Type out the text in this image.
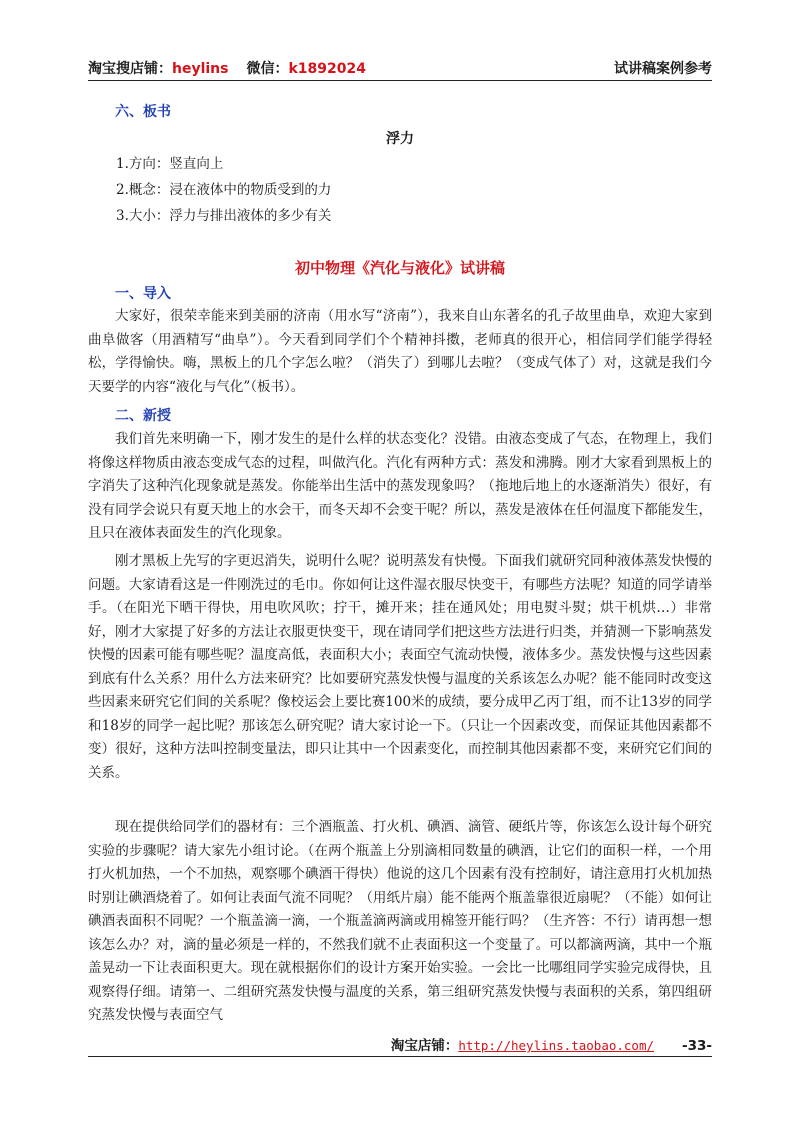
淘宝搜店铺：heylins 微信：k1892024	试讲稿案例参考
六、板书
浮力
1.方向：竖直向上
2.概念：浸在液体中的物质受到的力
3.大小：浮力与排出液体的多少有关
初中物理《汽化与液化》试讲稿
一、导入

大家好，很荣幸能来到美丽的济南（用水写“济南”），我来自山东著名的孔子故里曲阜，欢迎大家到曲阜做客（用酒精写“曲阜”）。今天看到同学们个个精神抖擞，老师真的很开心，相信同学们能学得轻松，学得愉快。嗨，黑板上的几个字怎么啦？（消失了）到哪儿去啦？（变成气体了）对，这就是我们今天要学的内容“液化与气化”（板书）。

二、新授

我们首先来明确一下，刚才发生的是什么样的状态变化？没错。由液态变成了气态，在物理上，我们将像这样物质由液态变成气态的过程，叫做汽化。汽化有两种方式：蒸发和沸腾。刚才大家看到黑板上的字消失了这种汽化现象就是蒸发。你能举出生活中的蒸发现象吗？（拖地后地上的水逐渐消失）很好，有没有同学会说只有夏天地上的水会干，而冬天却不会变干呢？所以，蒸发是液体在任何温度下都能发生，且只在液体表面发生的汽化现象。

刚才黑板上先写的字更迟消失，说明什么呢？说明蒸发有快慢。下面我们就研究同种液体蒸发快慢的问题。大家请看这是一件刚洗过的毛巾。你如何让这件湿衣服尽快变干，有哪些方法呢？知道的同学请举手。（在阳光下晒干得快，用电吹风吹；拧干，摊开来；挂在通风处；用电熨斗熨；烘干机烘…）非常好，刚才大家提了好多的方法让衣服更快变干，现在请同学们把这些方法进行归类，并猜测一下影响蒸发快慢的因素可能有哪些呢？温度高低，表面积大小；表面空气流动快慢，液体多少。蒸发快慢与这些因素到底有什么关系？用什么方法来研究？比如要研究蒸发快慢与温度的关系该怎么办呢？能不能同时改变这些因素来研究它们间的关系呢？像校运会上要比赛100米的成绩，要分成甲乙丙丁组，而不让13岁的同学和18岁的同学一起比呢？那该怎么研究呢？请大家讨论一下。（只让一个因素改变，而保证其他因素都不变）很好，这种方法叫控制变量法，即只让其中一个因素变化，而控制其他因素都不变，来研究它们间的关系。

现在提供给同学们的器材有：三个酒瓶盖、打火机、碘酒、滴管、硬纸片等，你该怎么设计每个研究实验的步骤呢？请大家先小组讨论。（在两个瓶盖上分别滴相同数量的碘酒，让它们的面积一样，一个用打火机加热，一个不加热，观察哪个碘酒干得快）他说的这几个因素有没有控制好，请注意用打火机加热时别让碘酒烧着了。如何让表面气流不同呢？（用纸片扇）能不能两个瓶盖靠很近扇呢？（不能）如何让碘酒表面积不同呢？一个瓶盖滴一滴，一个瓶盖滴两滴或用棉签开能行吗？（生齐答：不行）请再想一想该怎么办？对，滴的量必须是一样的，不然我们就不止表面积这一个变量了。可以都滴两滴，其中一个瓶盖晃动一下让表面积更大。现在就根据你们的设计方案开始实验。一会比一比哪组同学实验完成得快，且观察得仔细。请第一、二组研究蒸发快慢与温度的关系，第三组研究蒸发快慢与表面积的关系，第四组研究蒸发快慢与表面空气

淘宝店铺：http://heylins.taobao.com/ -33-
